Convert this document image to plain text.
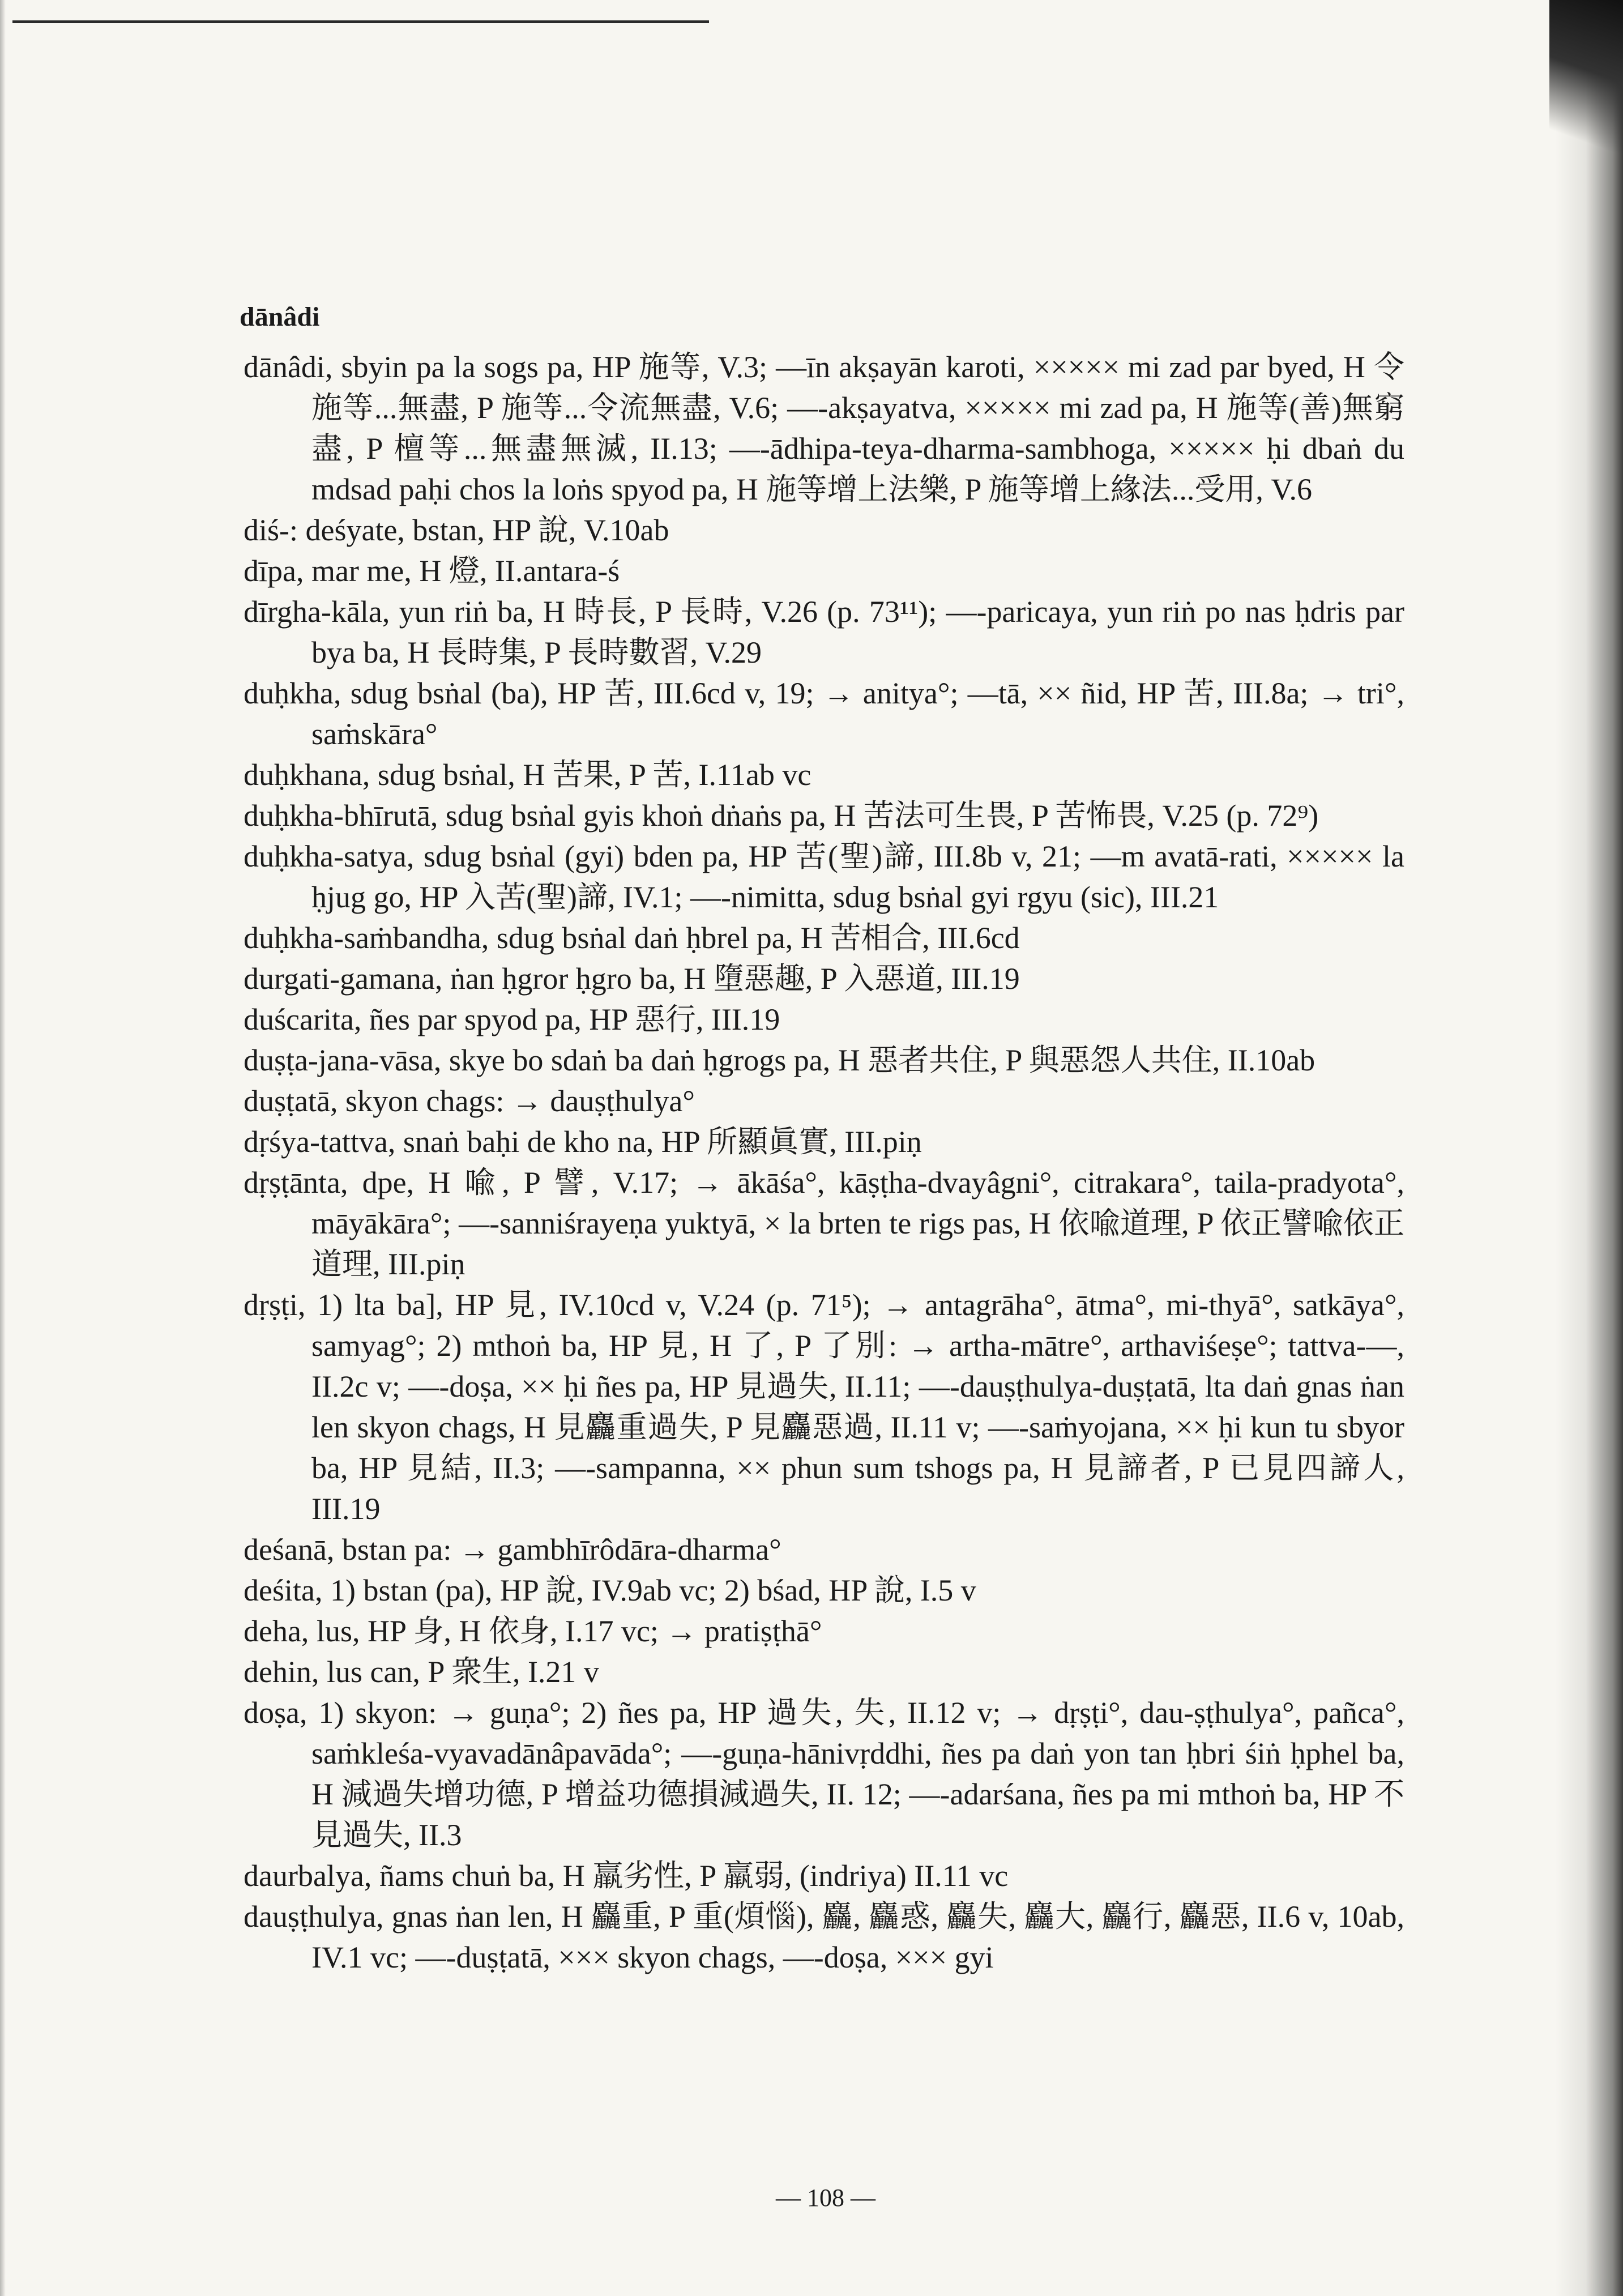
dānâdi
dānâdi, sbyin pa la sogs pa, HP 施等, V.3; —īn akṣayān karoti, ××××× mi zad par byed, H 令施等...無盡, P 施等...令流無盡, V.6; —-akṣayatva, ××××× mi zad pa, H 施等(善)無窮盡, P 檀等...無盡無滅, II.13; —-ādhipa-teya-dharma-sambhoga, ××××× ḥi dbaṅ du mdsad paḥi chos la loṅs spyod pa, H 施等增上法樂, P 施等增上緣法...受用, V.6
diś-: deśyate, bstan, HP 說, V.10ab
dīpa, mar me, H 燈, II.antara-ś
dīrgha-kāla, yun riṅ ba, H 時長, P 長時, V.26 (p. 73¹¹); —-paricaya, yun riṅ po nas ḥdris par bya ba, H 長時集, P 長時數習, V.29
duḥkha, sdug bsṅal (ba), HP 苦, III.6cd v, 19; → anitya°; —tā, ×× ñid, HP 苦, III.8a; → tri°, saṁskāra°
duḥkhana, sdug bsṅal, H 苦果, P 苦, I.11ab vc
duḥkha-bhīrutā, sdug bsṅal gyis khoṅ dṅaṅs pa, H 苦法可生畏, P 苦怖畏, V.25 (p. 72⁹)
duḥkha-satya, sdug bsṅal (gyi) bden pa, HP 苦(聖)諦, III.8b v, 21; —m avatā-rati, ××××× la ḥjug go, HP 入苦(聖)諦, IV.1; —-nimitta, sdug bsṅal gyi rgyu (sic), III.21
duḥkha-saṁbandha, sdug bsṅal daṅ ḥbrel pa, H 苦相合, III.6cd
durgati-gamana, ṅan ḥgror ḥgro ba, H 墮惡趣, P 入惡道, III.19
duścarita, ñes par spyod pa, HP 惡行, III.19
duṣṭa-jana-vāsa, skye bo sdaṅ ba daṅ ḥgrogs pa, H 惡者共住, P 與惡怨人共住, II.10ab
duṣṭatā, skyon chags: → dauṣṭhulya°
dṛśya-tattva, snaṅ baḥi de kho na, HP 所顯眞實, III.piṇ
dṛṣṭānta, dpe, H 喩, P 譬, V.17; → ākāśa°, kāṣṭha-dvayâgni°, citrakara°, taila-pradyota°, māyākāra°; —-sanniśrayeṇa yuktyā, × la brten te rigs pas, H 依喩道理, P 依正譬喩依正道理, III.piṇ
dṛṣṭi, 1) lta ba], HP 見, IV.10cd v, V.24 (p. 71⁵); → antagrāha°, ātma°, mi-thyā°, satkāya°, samyag°; 2) mthoṅ ba, HP 見, H 了, P 了別: → artha-mātre°, arthaviśeṣe°; tattva-—, II.2c v; —-doṣa, ×× ḥi ñes pa, HP 見過失, II.11; —-dauṣṭhulya-duṣṭatā, lta daṅ gnas ṅan len skyon chags, H 見麤重過失, P 見麤惡過, II.11 v; —-saṁyojana, ×× ḥi kun tu sbyor ba, HP 見結, II.3; —-sampanna, ×× phun sum tshogs pa, H 見諦者, P 已見四諦人, III.19
deśanā, bstan pa: → gambhīrôdāra-dharma°
deśita, 1) bstan (pa), HP 說, IV.9ab vc; 2) bśad, HP 說, I.5 v
deha, lus, HP 身, H 依身, I.17 vc; → pratiṣṭhā°
dehin, lus can, P 衆生, I.21 v
doṣa, 1) skyon: → guṇa°; 2) ñes pa, HP 過失, 失, II.12 v; → dṛṣṭi°, dau-ṣṭhulya°, pañca°, saṁkleśa-vyavadānâpavāda°; —-guṇa-hānivṛddhi, ñes pa daṅ yon tan ḥbri śiṅ ḥphel ba, H 減過失增功德, P 增益功德損減過失, II. 12; —-adarśana, ñes pa mi mthoṅ ba, HP 不見過失, II.3
daurbalya, ñams chuṅ ba, H 羸劣性, P 羸弱, (indriya) II.11 vc
dauṣṭhulya, gnas ṅan len, H 麤重, P 重(煩惱), 麤, 麤惑, 麤失, 麤大, 麤行, 麤惡, II.6 v, 10ab, IV.1 vc; —-duṣṭatā, ××× skyon chags, —-doṣa, ××× gyi
— 108 —
